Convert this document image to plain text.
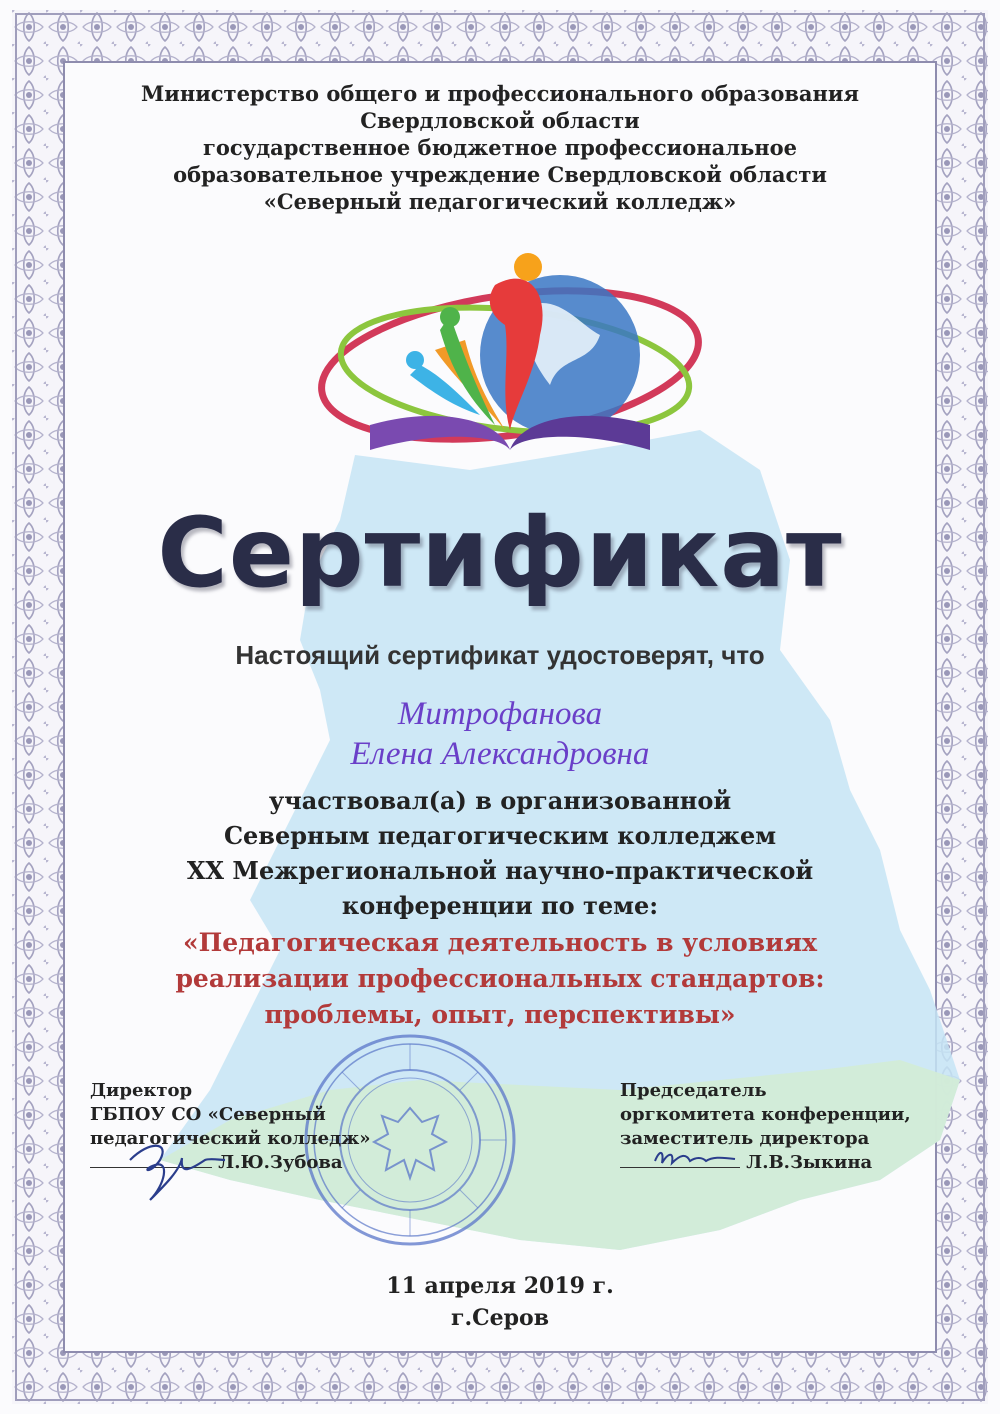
Министерство общего и профессионального образования
Свердловской области
государственное бюджетное профессиональное
образовательное учреждение Свердловской области
«Северный педагогический колледж»
Сертификат
Настоящий сертификат удостоверят, что
Митрофанова
Елена Александровна
участвовал(а) в организованной
Северным педагогическим колледжем
XX Межрегиональной научно-практической
конференции по теме:
«Педагогическая деятельность в условиях
реализации профессиональных стандартов:
проблемы, опыт, перспективы»
Директор
ГБПОУ СО «Северный
педагогический колледж»
Л.Ю.Зубова
Председатель
оргкомитета конференции,
заместитель директора
Л.В.Зыкина
11 апреля 2019 г.
г.Серов
